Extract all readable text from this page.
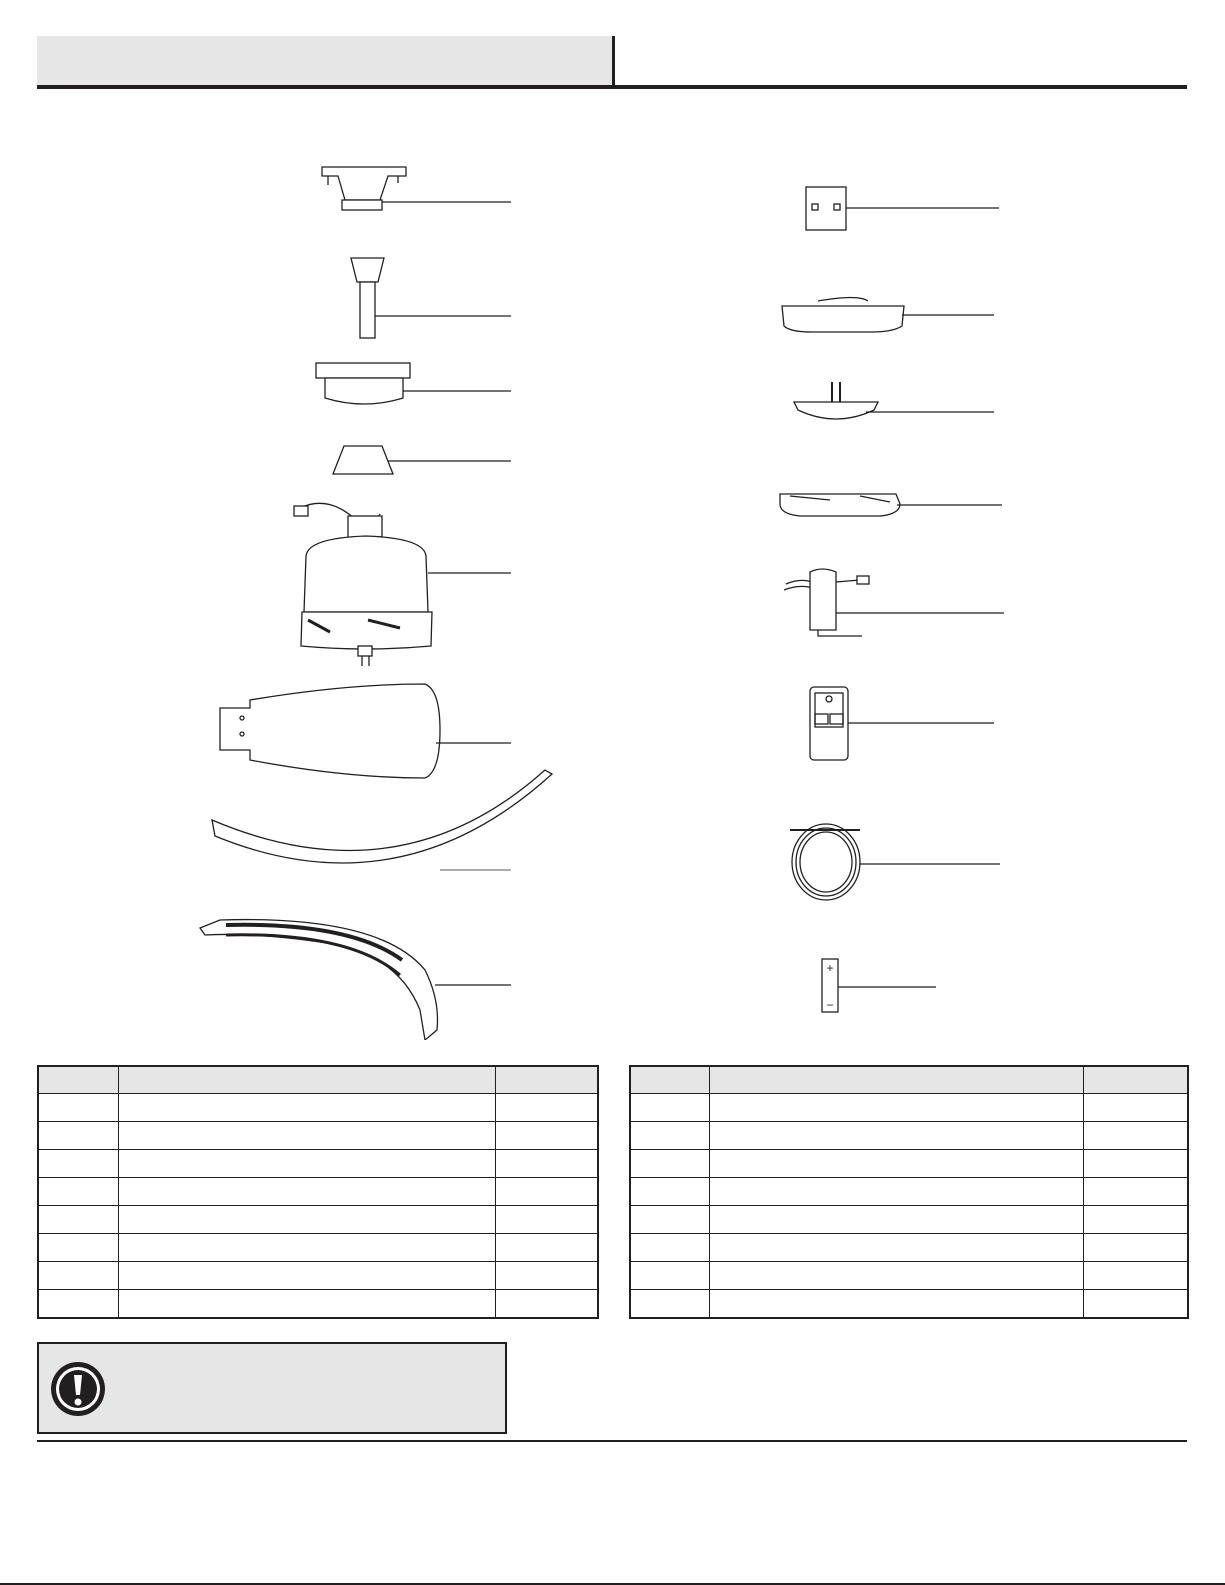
+
−
